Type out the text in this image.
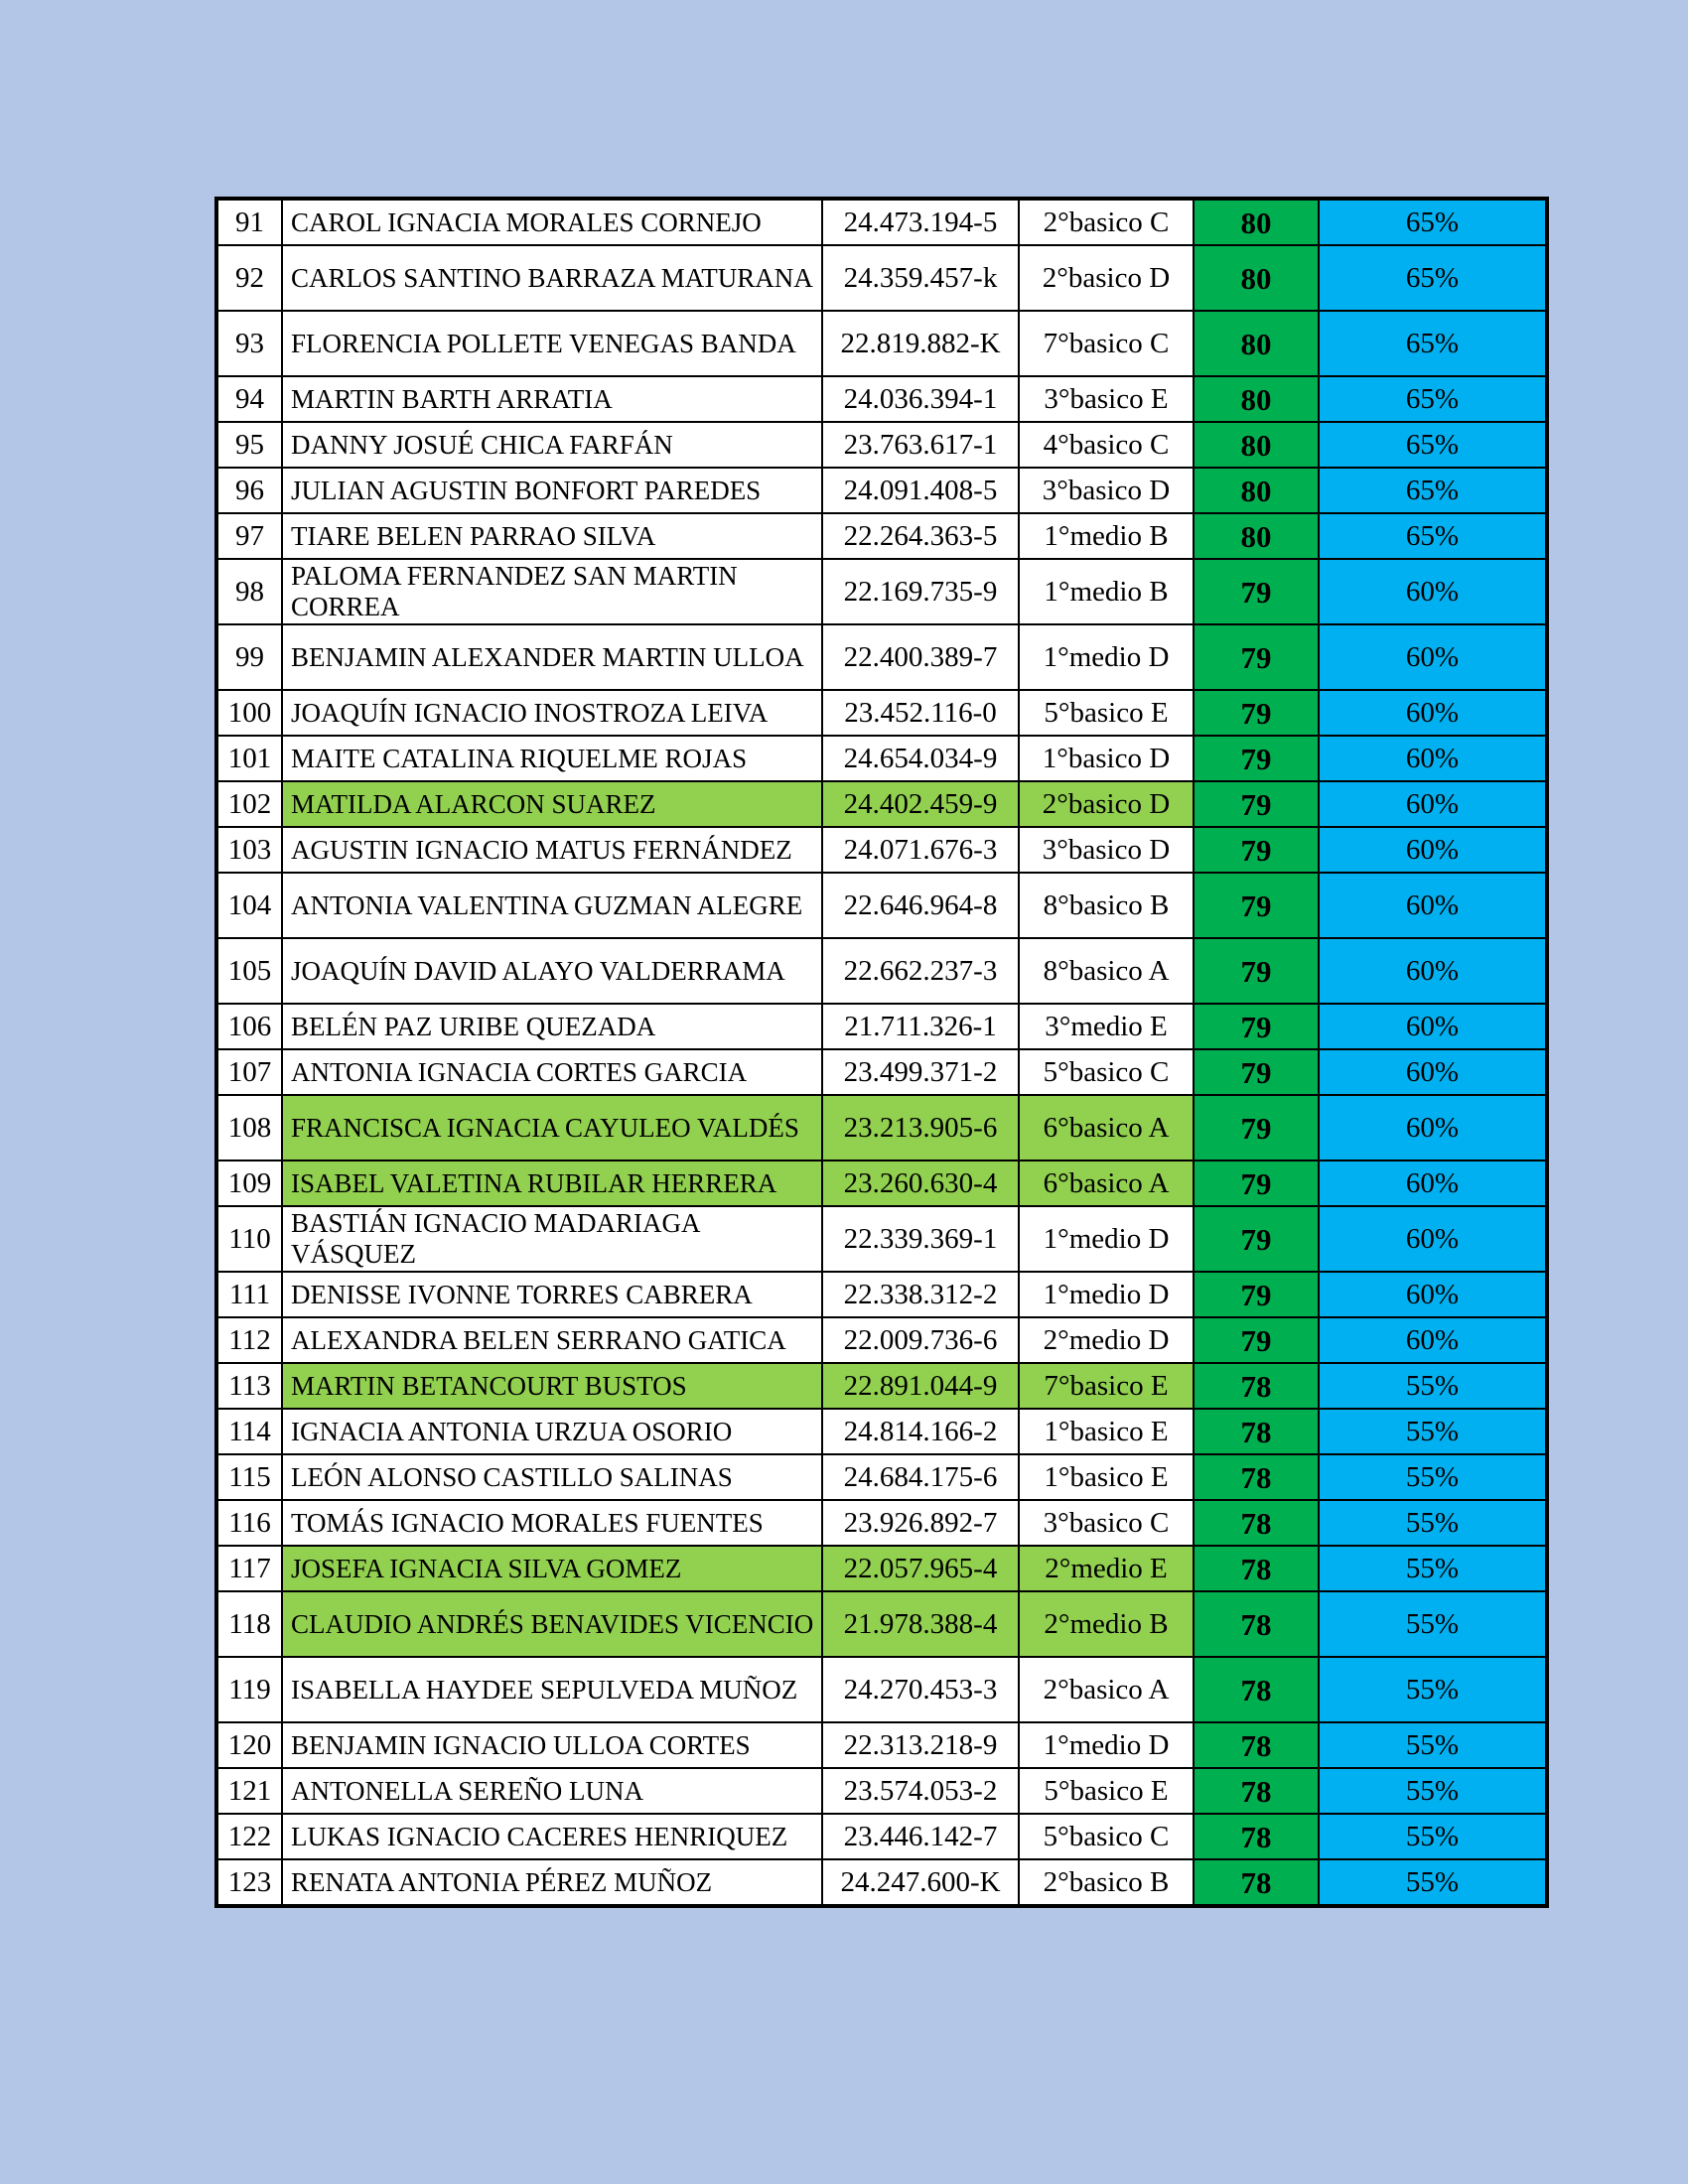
91	CAROL IGNACIA MORALES CORNEJO	24.473.194-5	2°basico C	80	65%
92	CARLOS SANTINO BARRAZA MATURANA	24.359.457-k	2°basico D	80	65%
93	FLORENCIA POLLETE VENEGAS BANDA	22.819.882-K	7°basico C	80	65%
94	MARTIN BARTH ARRATIA	24.036.394-1	3°basico E	80	65%
95	DANNY JOSUÉ CHICA FARFÁN	23.763.617-1	4°basico C	80	65%
96	JULIAN AGUSTIN BONFORT PAREDES	24.091.408-5	3°basico D	80	65%
97	TIARE BELEN PARRAO SILVA	22.264.363-5	1°medio B	80	65%
98	PALOMA FERNANDEZ SAN MARTIN CORREA	22.169.735-9	1°medio B	79	60%
99	BENJAMIN ALEXANDER MARTIN ULLOA	22.400.389-7	1°medio D	79	60%
100	JOAQUÍN IGNACIO INOSTROZA LEIVA	23.452.116-0	5°basico E	79	60%
101	MAITE CATALINA RIQUELME ROJAS	24.654.034-9	1°basico D	79	60%
102	MATILDA ALARCON SUAREZ	24.402.459-9	2°basico D	79	60%
103	AGUSTIN IGNACIO MATUS FERNÁNDEZ	24.071.676-3	3°basico D	79	60%
104	ANTONIA VALENTINA GUZMAN ALEGRE	22.646.964-8	8°basico B	79	60%
105	JOAQUÍN DAVID ALAYO VALDERRAMA	22.662.237-3	8°basico A	79	60%
106	BELÉN PAZ URIBE QUEZADA	21.711.326-1	3°medio E	79	60%
107	ANTONIA IGNACIA CORTES GARCIA	23.499.371-2	5°basico C	79	60%
108	FRANCISCA IGNACIA CAYULEO VALDÉS	23.213.905-6	6°basico A	79	60%
109	ISABEL VALETINA RUBILAR HERRERA	23.260.630-4	6°basico A	79	60%
110	BASTIÁN IGNACIO MADARIAGA VÁSQUEZ	22.339.369-1	1°medio D	79	60%
111	DENISSE IVONNE TORRES CABRERA	22.338.312-2	1°medio D	79	60%
112	ALEXANDRA BELEN SERRANO GATICA	22.009.736-6	2°medio D	79	60%
113	MARTIN BETANCOURT BUSTOS	22.891.044-9	7°basico E	78	55%
114	IGNACIA ANTONIA URZUA OSORIO	24.814.166-2	1°basico E	78	55%
115	LEÓN ALONSO CASTILLO SALINAS	24.684.175-6	1°basico E	78	55%
116	TOMÁS IGNACIO MORALES FUENTES	23.926.892-7	3°basico C	78	55%
117	JOSEFA IGNACIA SILVA GOMEZ	22.057.965-4	2°medio E	78	55%
118	CLAUDIO ANDRÉS BENAVIDES VICENCIO	21.978.388-4	2°medio B	78	55%
119	ISABELLA HAYDEE SEPULVEDA MUÑOZ	24.270.453-3	2°basico A	78	55%
120	BENJAMIN IGNACIO ULLOA CORTES	22.313.218-9	1°medio D	78	55%
121	ANTONELLA SEREÑO LUNA	23.574.053-2	5°basico E	78	55%
122	LUKAS IGNACIO CACERES HENRIQUEZ	23.446.142-7	5°basico C	78	55%
123	RENATA ANTONIA PÉREZ MUÑOZ	24.247.600-K	2°basico B	78	55%
